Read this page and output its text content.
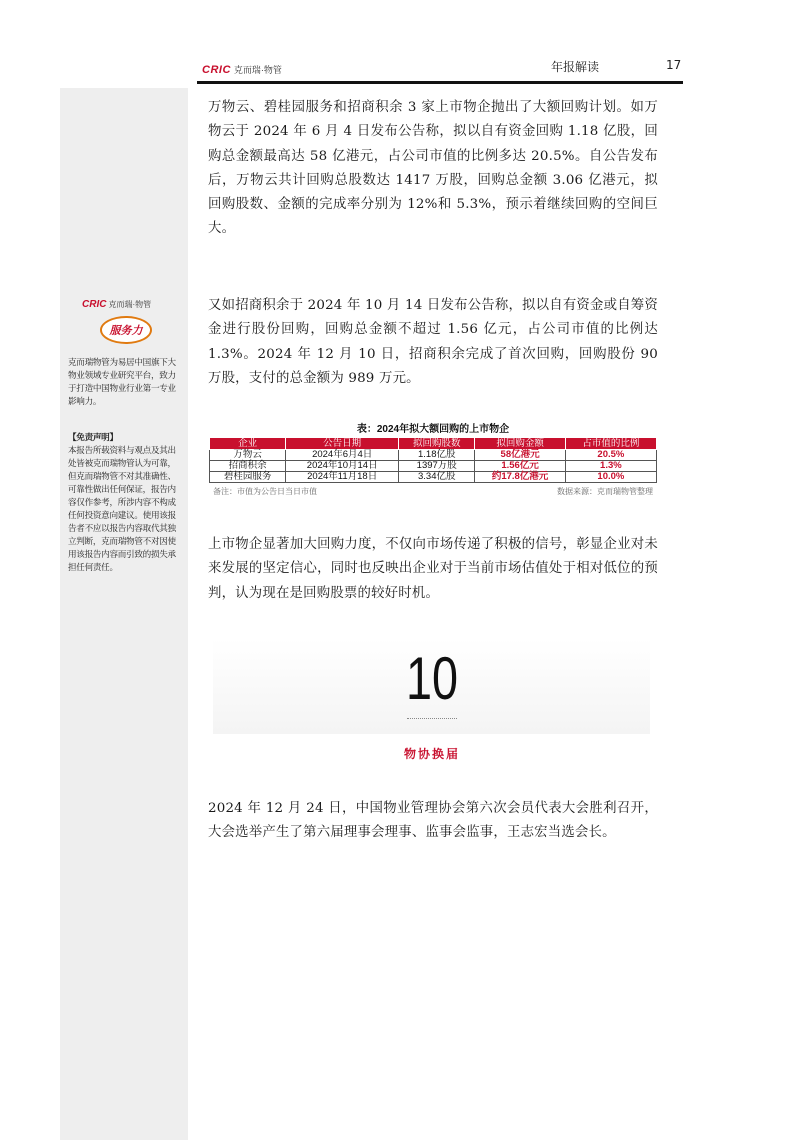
CRIC 克而瑞·物管	年报解读	17
CRIC 克而瑞·物管
服务力
克而瑞物管为易居中国旗下大物业领域专业研究平台，致力于打造中国物业行业第一专业影响力。
【免责声明】
本报告所载资料与观点及其出处皆被克而瑞物管认为可靠，但克而瑞物管不对其准确性、可靠性做出任何保证，报告内容仅作参考，所涉内容不构成任何投资意向建议。使用该报告者不应以报告内容取代其独立判断，克而瑞物管不对因使用该报告内容而引致的损失承担任何责任。
万物云、碧桂园服务和招商积余 3 家上市物企抛出了大额回购计划。如万物云于 2024 年 6 月 4 日发布公告称，拟以自有资金回购 1.18 亿股，回购总金额最高达 58 亿港元，占公司市值的比例多达 20.5%。自公告发布后，万物云共计回购总股数达 1417 万股，回购总金额 3.06 亿港元，拟回购股数、金额的完成率分别为 12%和 5.3%，预示着继续回购的空间巨大。
又如招商积余于 2024 年 10 月 14 日发布公告称，拟以自有资金或自筹资金进行股份回购，回购总金额不超过 1.56 亿元，占公司市值的比例达 1.3%。2024 年 12 月 10 日，招商积余完成了首次回购，回购股份 90 万股，支付的总金额为 989 万元。
表：2024年拟大额回购的上市物企
企业	公告日期	拟回购股数	拟回购金额	占市值的比例
万物云	2024年6月4日	1.18亿股	58亿港元	20.5%
招商积余	2024年10月14日	1397万股	1.56亿元	1.3%
碧桂园服务	2024年11月18日	3.34亿股	约17.8亿港元	10.0%
备注：市值为公告日当日市值	数据来源：克而瑞物管整理
上市物企显著加大回购力度，不仅向市场传递了积极的信号，彰显企业对未来发展的坚定信心，同时也反映出企业对于当前市场估值处于相对低位的预判，认为现在是回购股票的较好时机。
10
物协换届
2024 年 12 月 24 日，中国物业管理协会第六次会员代表大会胜利召开，大会选举产生了第六届理事会理事、监事会监事，王志宏当选会长。
